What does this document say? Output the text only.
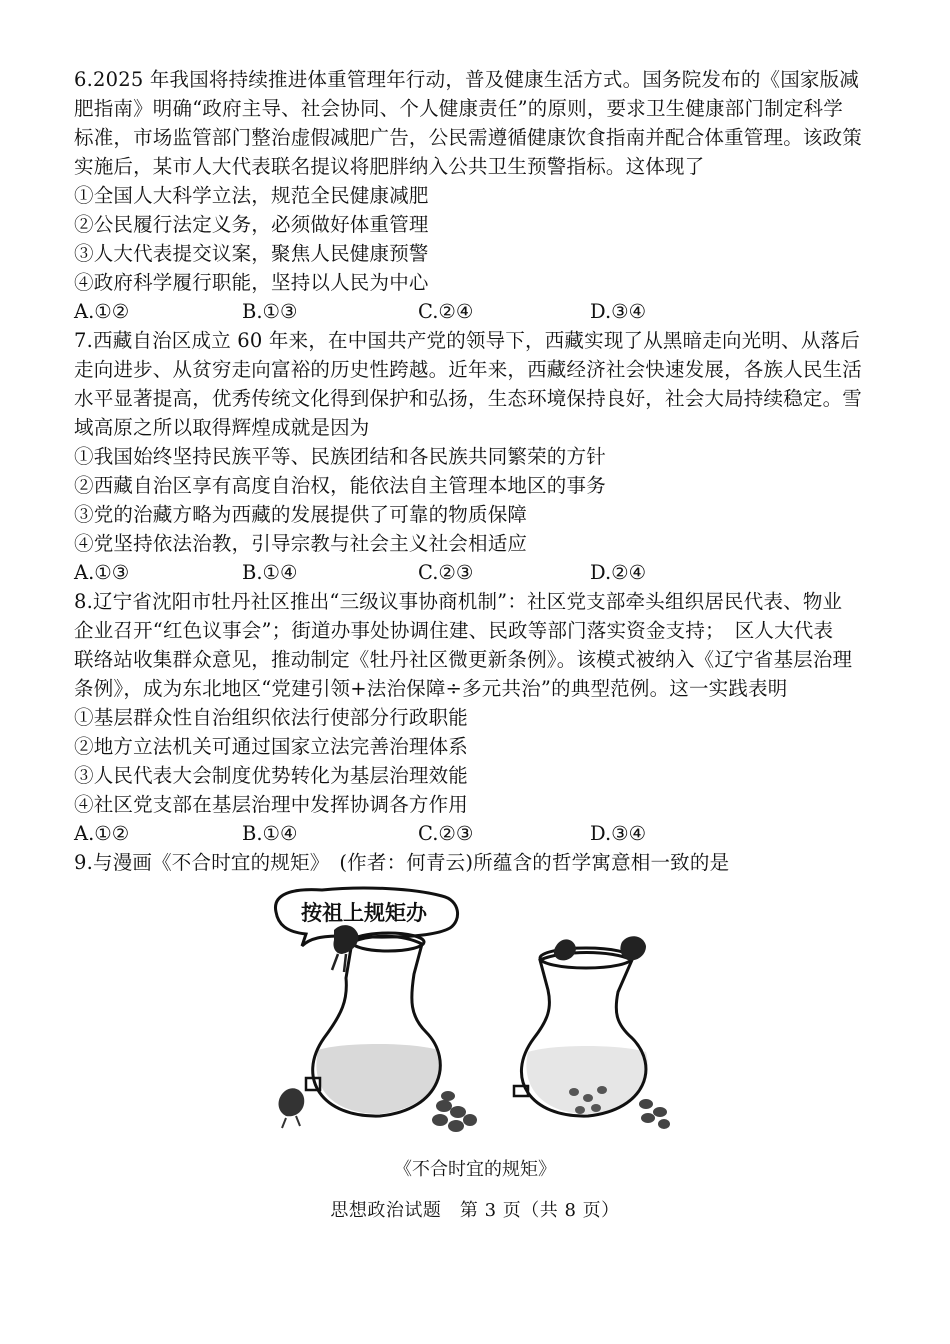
6.2025 年我国将持续推进体重管理年行动，普及健康生活方式。国务院发布的《国家版减
肥指南》明确“政府主导、社会协同、个人健康责任”的原则，要求卫生健康部门制定科学
标准，市场监管部门整治虚假减肥广告，公民需遵循健康饮食指南并配合体重管理。该政策
实施后，某市人大代表联名提议将肥胖纳入公共卫生预警指标。这体现了
①全国人大科学立法，规范全民健康减肥
②公民履行法定义务，必须做好体重管理
③人大代表提交议案，聚焦人民健康预警
④政府科学履行职能，坚持以人民为中心
A.①②	B.①③	C.②④	D.③④
7.西藏自治区成立 60 年来，在中国共产党的领导下，西藏实现了从黑暗走向光明、从落后
走向进步、从贫穷走向富裕的历史性跨越。近年来，西藏经济社会快速发展，各族人民生活
水平显著提高，优秀传统文化得到保护和弘扬，生态环境保持良好，社会大局持续稳定。雪
域高原之所以取得辉煌成就是因为
①我国始终坚持民族平等、民族团结和各民族共同繁荣的方针
②西藏自治区享有高度自治权，能依法自主管理本地区的事务
③党的治藏方略为西藏的发展提供了可靠的物质保障
④党坚持依法治教，引导宗教与社会主义社会相适应
A.①③	B.①④	C.②③	D.②④
8.辽宁省沈阳市牡丹社区推出“三级议事协商机制”：社区党支部牵头组织居民代表、物业
企业召开“红色议事会”；街道办事处协调住建、民政等部门落实资金支持；　区人大代表
联络站收集群众意见，推动制定《牡丹社区微更新条例》。该模式被纳入《辽宁省基层治理
条例》，成为东北地区“党建引领+法治保障÷多元共治”的典型范例。这一实践表明
①基层群众性自治组织依法行使部分行政职能
②地方立法机关可通过国家立法完善治理体系
③人民代表大会制度优势转化为基层治理效能
④社区党支部在基层治理中发挥协调各方作用
A.①②	B.①④	C.②③	D.③④
9.与漫画《不合时宜的规矩》　(作者：何青云)所蕴含的哲学寓意相一致的是
按祖上规矩办
《不合时宜的规矩》
思想政治试题　第 3 页（共 8 页）
